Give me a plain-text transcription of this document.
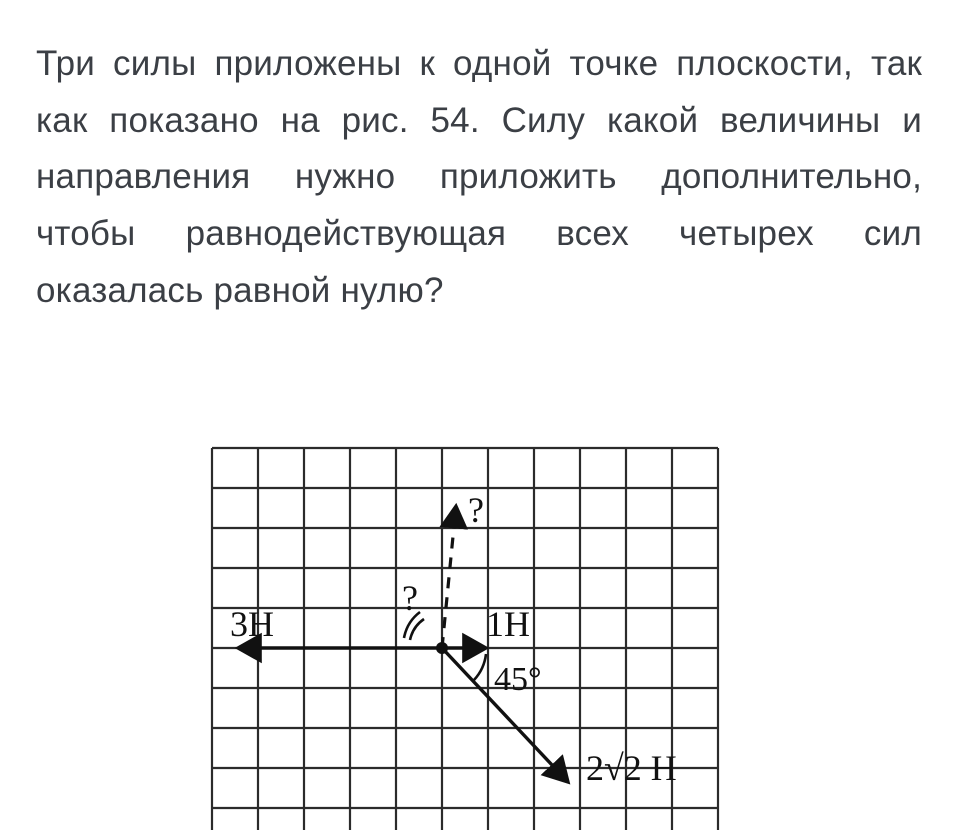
Три силы приложены к одной точке плоскости, так как показано на рис. 54. Силу какой величины и направления нужно приложить дополнительно, чтобы равнодействующая всех четырех сил оказалась равной нулю?
3Н	1Н
45°
?
?
2√2 Н
